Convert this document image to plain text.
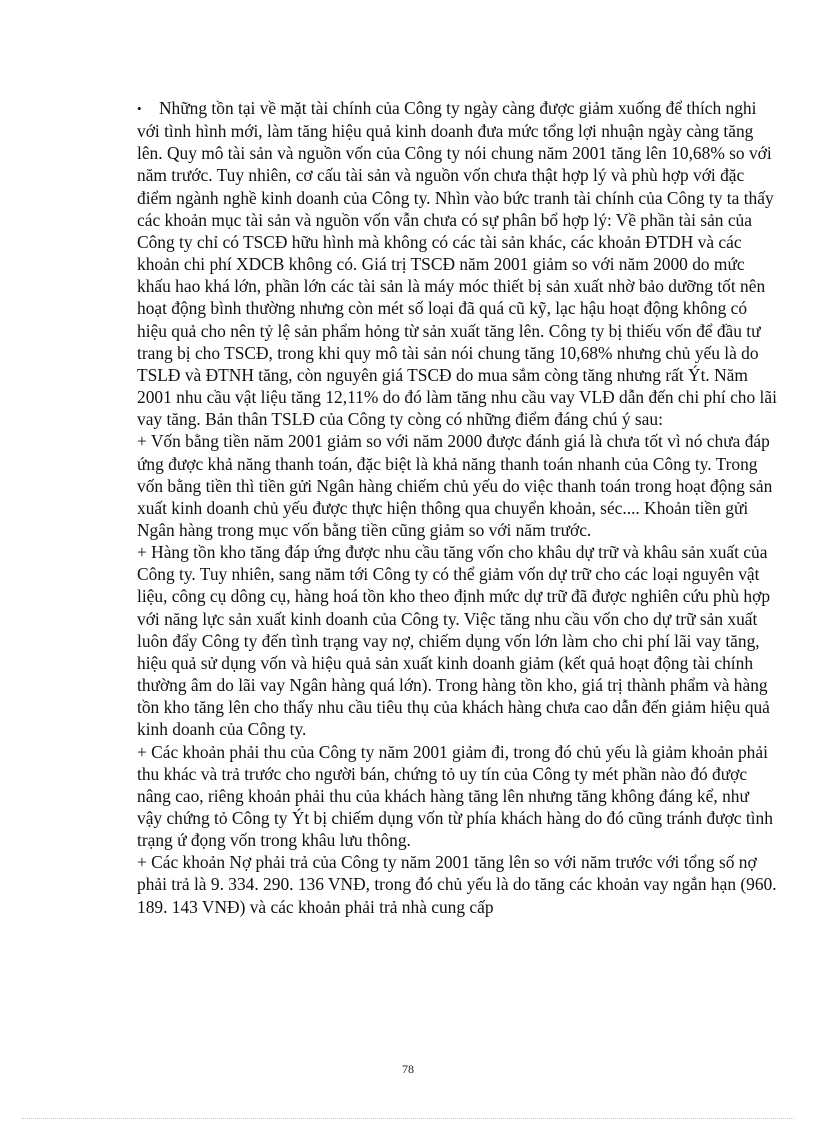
• Những tồn tại về mặt tài chính của Công ty ngày càng được giảm xuống để thích nghi với tình hình mới, làm tăng hiệu quả kinh doanh đưa mức tổng lợi nhuận ngày càng tăng lên. Quy mô tài sản và nguồn vốn của Công ty nói chung năm 2001 tăng lên 10,68% so với năm trước. Tuy nhiên, cơ cấu tài sản và nguồn vốn chưa thật hợp lý và phù hợp với đặc điểm ngành nghề kinh doanh của Công ty. Nhìn vào bức tranh tài chính của Công ty ta thấy các khoản mục tài sản và nguồn vốn vẫn chưa có sự phân bổ hợp lý: Về phần tài sản của Công ty chỉ có TSCĐ hữu hình mà không có các tài sản khác, các khoản ĐTDH và các khoản chi phí XDCB không có. Giá trị TSCĐ năm 2001 giảm so với năm 2000 do mức khấu hao khá lớn, phần lớn các tài sản là máy móc thiết bị sản xuất nhờ bảo dưỡng tốt nên hoạt động bình thường nhưng còn mét số loại đã quá cũ kỹ, lạc hậu hoạt động không có hiệu quả cho nên tỷ lệ sản phẩm hỏng từ sản xuất tăng lên. Công ty bị thiếu vốn để đầu tư trang bị cho TSCĐ, trong khi quy mô tài sản nói chung tăng 10,68% nhưng chủ yếu là do TSLĐ và ĐTNH tăng, còn nguyên giá TSCĐ do mua sắm còng tăng nhưng rất Ýt. Năm 2001 nhu cầu vật liệu tăng 12,11% do đó làm tăng nhu cầu vay VLĐ dẫn đến chi phí cho lãi vay tăng. Bản thân TSLĐ của Công ty còng có những điểm đáng chú ý sau:

+ Vốn bằng tiền năm 2001 giảm so với năm 2000 được đánh giá là chưa tốt vì nó chưa đáp ứng được khả năng thanh toán, đặc biệt là khả năng thanh toán nhanh của Công ty. Trong vốn bằng tiền thì tiền gửi Ngân hàng chiếm chủ yếu do việc thanh toán trong hoạt động sản xuất kinh doanh chủ yếu được thực hiện thông qua chuyển khoản, séc.... Khoản tiền gửi Ngân hàng trong mục vốn bằng tiền cũng giảm so với năm trước.

+ Hàng tồn kho tăng đáp ứng được nhu cầu tăng vốn cho khâu dự trữ và khâu sản xuất của Công ty. Tuy nhiên, sang năm tới Công ty có thể giảm vốn dự trữ cho các loại nguyên vật liệu, công cụ dông cụ, hàng hoá tồn kho theo định mức dự trữ đã được nghiên cứu phù hợp với năng lực sản xuất kinh doanh của Công ty. Việc tăng nhu cầu vốn cho dự trữ sản xuất luôn đẩy Công ty đến tình trạng vay nợ, chiếm dụng vốn lớn làm cho chi phí lãi vay tăng, hiệu quả sử dụng vốn và hiệu quả sản xuất kinh doanh giảm (kết quả hoạt động tài chính thường âm do lãi vay Ngân hàng quá lớn). Trong hàng tồn kho, giá trị thành phẩm và hàng tồn kho tăng lên cho thấy nhu cầu tiêu thụ của khách hàng chưa cao dẫn đến giảm hiệu quả kinh doanh của Công ty.

+ Các khoản phải thu của Công ty năm 2001 giảm đi, trong đó chủ yếu là giảm khoản phải thu khác và trả trước cho người bán, chứng tỏ uy tín của Công ty mét phần nào đó được nâng cao, riêng khoản phải thu của khách hàng tăng lên nhưng tăng không đáng kể, như vậy chứng tỏ Công ty Ýt bị chiếm dụng vốn từ phía khách hàng do đó cũng tránh được tình trạng ứ đọng vốn trong khâu lưu thông.

+ Các khoản Nợ phải trả của Công ty năm 2001 tăng lên so với năm trước với tổng số nợ phải trả là 9. 334. 290. 136 VNĐ, trong đó chủ yếu là do tăng các khoản vay ngắn hạn (960. 189. 143 VNĐ) và các khoản phải trả nhà cung cấp

78
